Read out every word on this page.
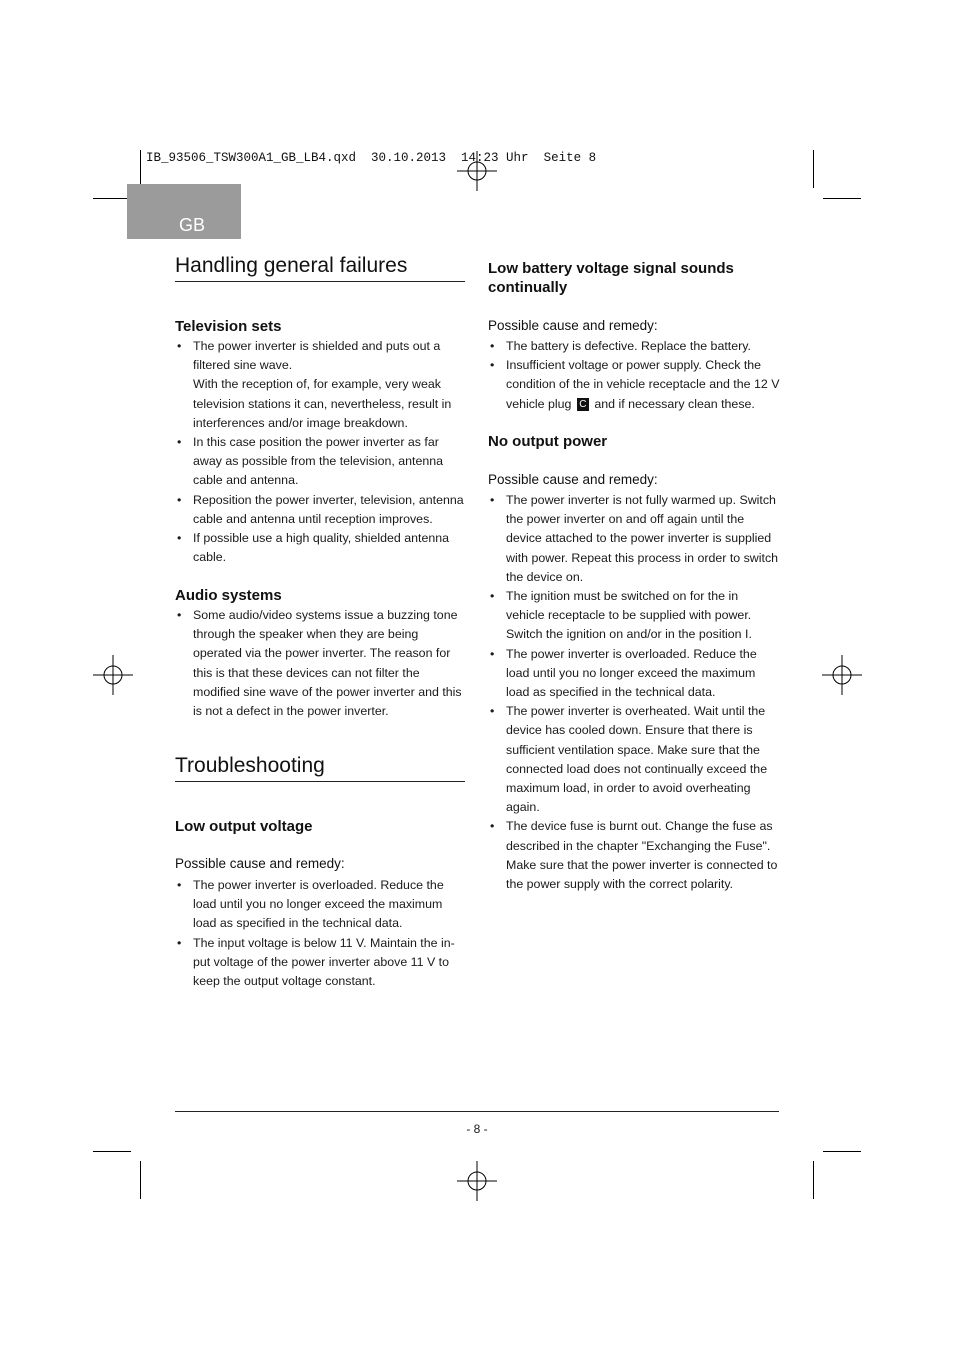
IB_93506_TSW300A1_GB_LB4.qxd  30.10.2013  14:23 Uhr  Seite 8
GB
Handling general failures
Television sets
• The power inverter is shielded and puts out a filtered sine wave.
With the reception of, for example, very weak television stations it can, nevertheless, result in interferences and/or image breakdown.
• In this case position the power inverter as far away as possible from the television, antenna cable and antenna.
• Reposition the power inverter, television, antenna cable and antenna until reception improves.
• If possible use a high quality, shielded antenna cable.
Audio systems
• Some audio/video systems issue a buzzing tone through the speaker when they are being operated via the power inverter. The reason for this is that these devices can not filter the modified sine wave of the power inverter and this is not a defect in the power inverter.
Troubleshooting
Low output voltage
Possible cause and remedy:
• The power inverter is overloaded. Reduce the load until you no longer exceed the maximum load as specified in the technical data.
• The input voltage is below 11 V. Maintain the in-put voltage of the power inverter above 11 V to keep the output voltage constant.
Low battery voltage signal sounds continually
Possible cause and remedy:
• The battery is defective. Replace the battery.
• Insufficient voltage or power supply. Check the condition of the in vehicle receptacle and the 12 V vehicle plug C and if necessary clean these.
No output power
Possible cause and remedy:
• The power inverter is not fully warmed up. Switch the power inverter on and off again until the device attached to the power inverter is supplied with power. Repeat this process in order to switch the device on.
• The ignition must be switched on for the in vehicle receptacle to be supplied with power. Switch the ignition on and/or in the position I.
• The power inverter is overloaded. Reduce the load until you no longer exceed the maximum load as specified in the technical data.
• The power inverter is overheated. Wait until the device has cooled down. Ensure that there is sufficient ventilation space. Make sure that the connected load does not continually exceed the maximum load, in order to avoid overheating again.
• The device fuse is burnt out. Change the fuse as described in the chapter "Exchanging the Fuse". Make sure that the power inverter is connected to the power supply with the correct polarity.
- 8 -
